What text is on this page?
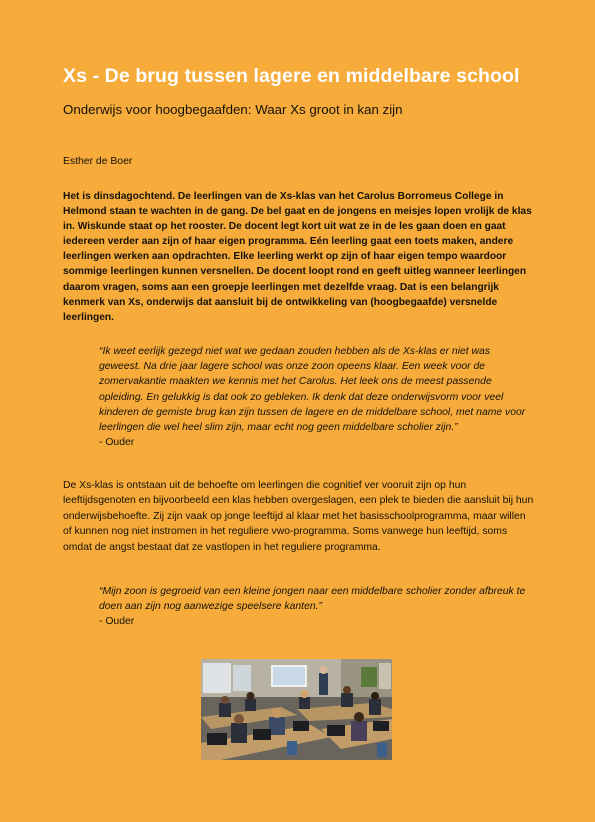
Xs - De brug tussen lagere en middelbare school
Onderwijs voor hoogbegaafden: Waar Xs groot in kan zijn
Esther de Boer
Het is dinsdagochtend. De leerlingen van de Xs-klas van het Carolus Borromeus College in Helmond staan te wachten in de gang. De bel gaat en de jongens en meisjes lopen vrolijk de klas in. Wiskunde staat op het rooster. De docent legt kort uit wat ze in de les gaan doen en gaat iedereen verder aan zijn of haar eigen programma. Eén leerling gaat een toets maken, andere leerlingen werken aan opdrachten. Elke leerling werkt op zijn of haar eigen tempo waardoor sommige leerlingen kunnen versnellen. De docent loopt rond en geeft uitleg wanneer leerlingen daarom vragen, soms aan een groepje leerlingen met dezelfde vraag. Dat is een belangrijk kenmerk van Xs, onderwijs dat aansluit bij de ontwikkeling van (hoogbegaafde) versnelde leerlingen.
“Ik weet eerlijk gezegd niet wat we gedaan zouden hebben als de Xs-klas er niet was geweest. Na drie jaar lagere school was onze zoon opeens klaar. Een week voor de zomervakantie maakten we kennis met het Carolus. Het leek ons de meest passende opleiding. En gelukkig is dat ook zo gebleken. Ik denk dat deze onderwijsvorm voor veel kinderen de gemiste brug kan zijn tussen de lagere en de middelbare school, met name voor leerlingen die wel heel slim zijn, maar echt nog geen middelbare scholier zijn.”
- Ouder
De Xs-klas is ontstaan uit de behoefte om leerlingen die cognitief ver vooruit zijn op hun leeftijdsgenoten en bijvoorbeeld een klas hebben overgeslagen, een plek te bieden die aansluit bij hun onderwijsbehoefte. Zij zijn vaak op jonge leeftijd al klaar met het basisschoolprogramma, maar willen of kunnen nog niet instromen in het reguliere vwo-programma. Soms vanwege hun leeftijd, soms omdat de angst bestaat dat ze vastlopen in het reguliere programma.
“Mijn zoon is gegroeid van een kleine jongen naar een middelbare scholier zonder afbreuk te doen aan zijn nog aanwezige speelsere kanten.”
- Ouder
